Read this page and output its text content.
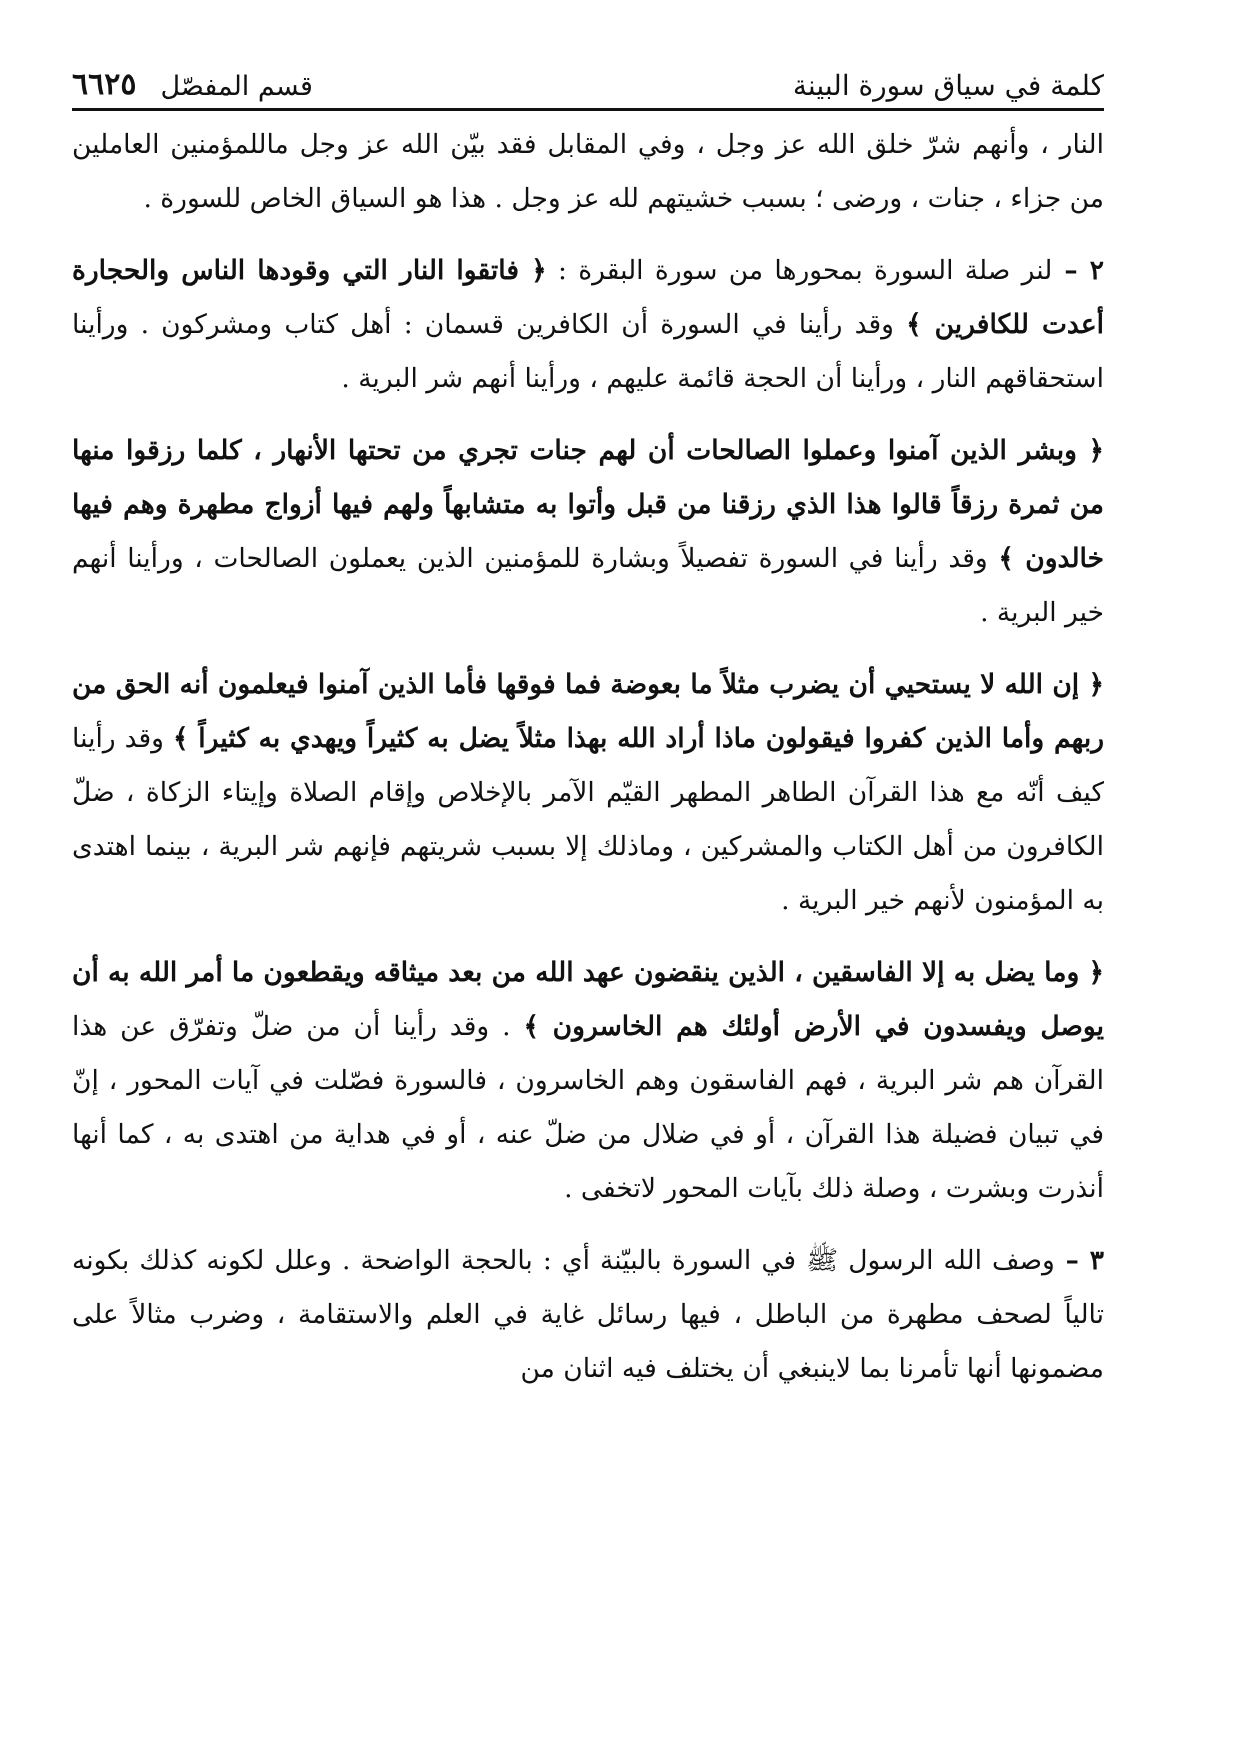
كلمة في سياق سورة البينة
قسم المفصّل
٦٦٢٥

النار ، وأنهم شرّ خلق الله عز وجل ، وفي المقابل فقد بيّن الله عز وجل ماللمؤمنين العاملين من جزاء ، جنات ، ورضى ؛ بسبب خشيتهم لله عز وجل . هذا هو السياق الخاص للسورة .

٢ – لنر صلة السورة بمحورها من سورة البقرة : ﴿ فاتقوا النار التي وقودها الناس والحجارة أعدت للكافرين ﴾ وقد رأينا في السورة أن الكافرين قسمان : أهل كتاب ومشركون . ورأينا استحقاقهم النار ، ورأينا أن الحجة قائمة عليهم ، ورأينا أنهم شر البرية .

﴿ وبشر الذين آمنوا وعملوا الصالحات أن لهم جنات تجري من تحتها الأنهار ، كلما رزقوا منها من ثمرة رزقاً قالوا هذا الذي رزقنا من قبل وأتوا به متشابهاً ولهم فيها أزواج مطهرة وهم فيها خالدون ﴾ وقد رأينا في السورة تفصيلاً وبشارة للمؤمنين الذين يعملون الصالحات ، ورأينا أنهم خير البرية .

﴿ إن الله لا يستحيي أن يضرب مثلاً ما بعوضة فما فوقها فأما الذين آمنوا فيعلمون أنه الحق من ربهم وأما الذين كفروا فيقولون ماذا أراد الله بهذا مثلاً يضل به كثيراً ويهدي به كثيراً ﴾ وقد رأينا كيف أنّه مع هذا القرآن الطاهر المطهر القيّم الآمر بالإخلاص وإقام الصلاة وإيتاء الزكاة ، ضلّ الكافرون من أهل الكتاب والمشركين ، وماذلك إلا بسبب شريتهم فإنهم شر البرية ، بينما اهتدى به المؤمنون لأنهم خير البرية .

﴿ وما يضل به إلا الفاسقين ، الذين ينقضون عهد الله من بعد ميثاقه ويقطعون ما أمر الله به أن يوصل ويفسدون في الأرض أولئك هم الخاسرون ﴾ . وقد رأينا أن من ضلّ وتفرّق عن هذا القرآن هم شر البرية ، فهم الفاسقون وهم الخاسرون ، فالسورة فصّلت في آيات المحور ، إنّ في تبيان فضيلة هذا القرآن ، أو في ضلال من ضلّ عنه ، أو في هداية من اهتدى به ، كما أنها أنذرت وبشرت ، وصلة ذلك بآيات المحور لاتخفى .

٣ – وصف الله الرسول ﷺ في السورة بالبيّنة أي : بالحجة الواضحة . وعلل لكونه كذلك بكونه تالياً لصحف مطهرة من الباطل ، فيها رسائل غاية في العلم والاستقامة ، وضرب مثالاً على مضمونها أنها تأمرنا بما لاينبغي أن يختلف فيه اثنان من
